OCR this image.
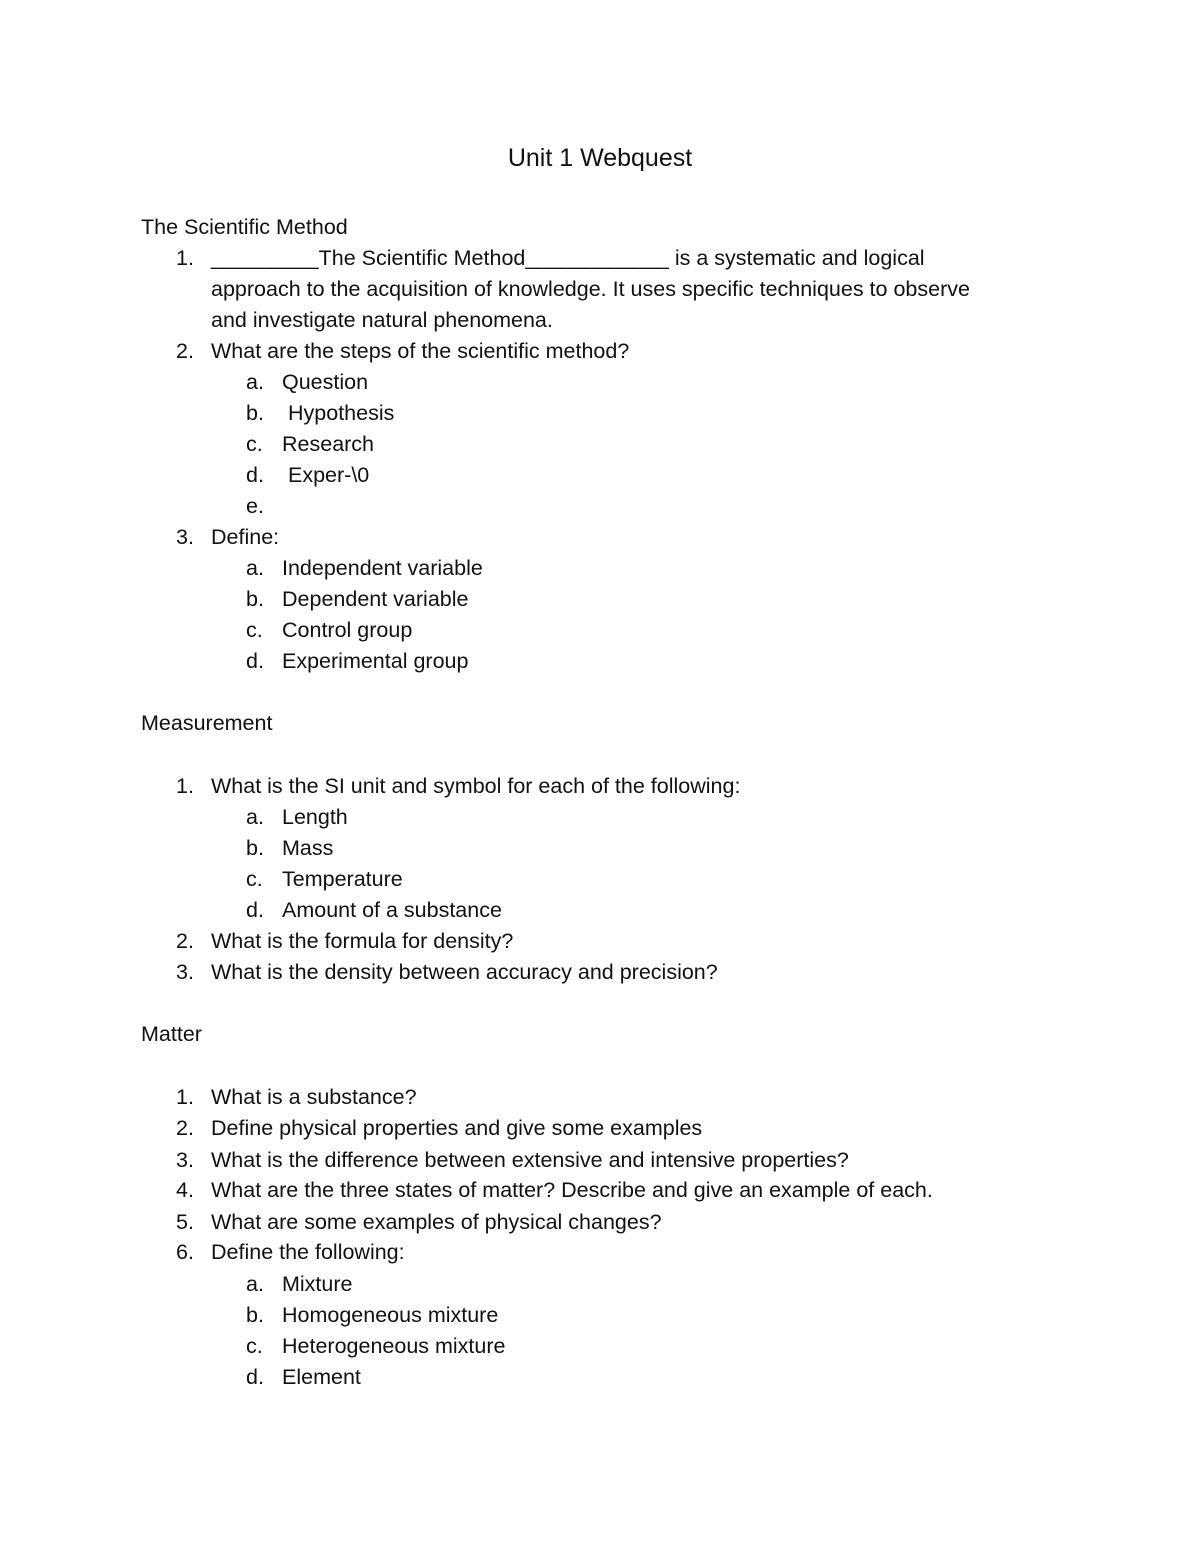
Unit 1 Webquest

The Scientific Method

1. _________The Scientific Method____________ is a systematic and logical
approach to the acquisition of knowledge. It uses specific techniques to observe
and investigate natural phenomena.
2. What are the steps of the scientific method?
a. Question
b.	Hypothesis
c. Research
d.	Exper-\0
e.
3. Define:
a. Independent variable
b. Dependent variable
c. Control group
d. Experimental group

Measurement

1. What is the SI unit and symbol for each of the following:
a. Length
b. Mass
c. Temperature
d. Amount of a substance
2. What is the formula for density?
3. What is the density between accuracy and precision?

Matter

1. What is a substance?
2. Define physical properties and give some examples
3. What is the difference between extensive and intensive properties?
4. What are the three states of matter? Describe and give an example of each.
5. What are some examples of physical changes?
6. Define the following:
a. Mixture
b. Homogeneous mixture
c. Heterogeneous mixture
d. Element
